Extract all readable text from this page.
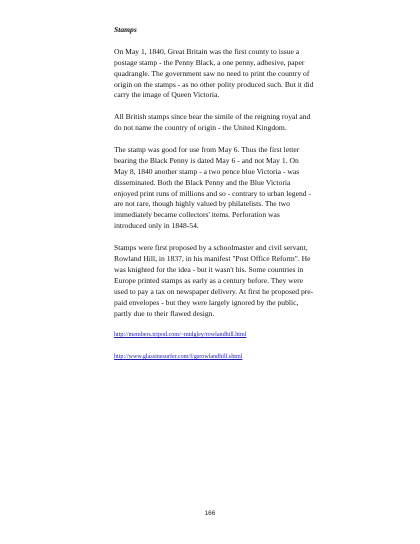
Stamps

On May 1, 1840, Great Britain was the first county to issue a postage stamp - the Penny Black, a one penny, adhesive, paper quadrangle. The government saw no need to print the country of origin on the stamps - as no other polity produced such. But it did carry the image of Queen Victoria.

All British stamps since bear the simile of the reigning royal and do not name the country of origin - the United Kingdom.

The stamp was good for use from May 6. Thus the first letter bearing the Black Penny is dated May 6 - and not May 1. On May 8, 1840 another stamp - a two pence blue Victoria - was disseminated. Both the Black Penny and the Blue Victoria enjoyed print runs of millions and so - contrary to urban legend - are not rare, though highly valued by philatelists. The two immediately became collectors' items. Perforation was introduced only in 1848-54.

Stamps were first proposed by a schoolmaster and civil servant, Rowland Hill, in 1837, in his manifest "Post Office Reform". He was knighted for the idea - but it wasn't his. Some countries in Europe printed stamps as early as a century before. They were used to pay a tax on newspaper delivery. At first he proposed pre-paid envelopes - but they were largely ignored by the public, partly due to their flawed design.

http://members.tripod.com/~midgley/rowlandhill.html
http://www.glassinesurfer.com/f/gsrowlandhill.shtml
166
